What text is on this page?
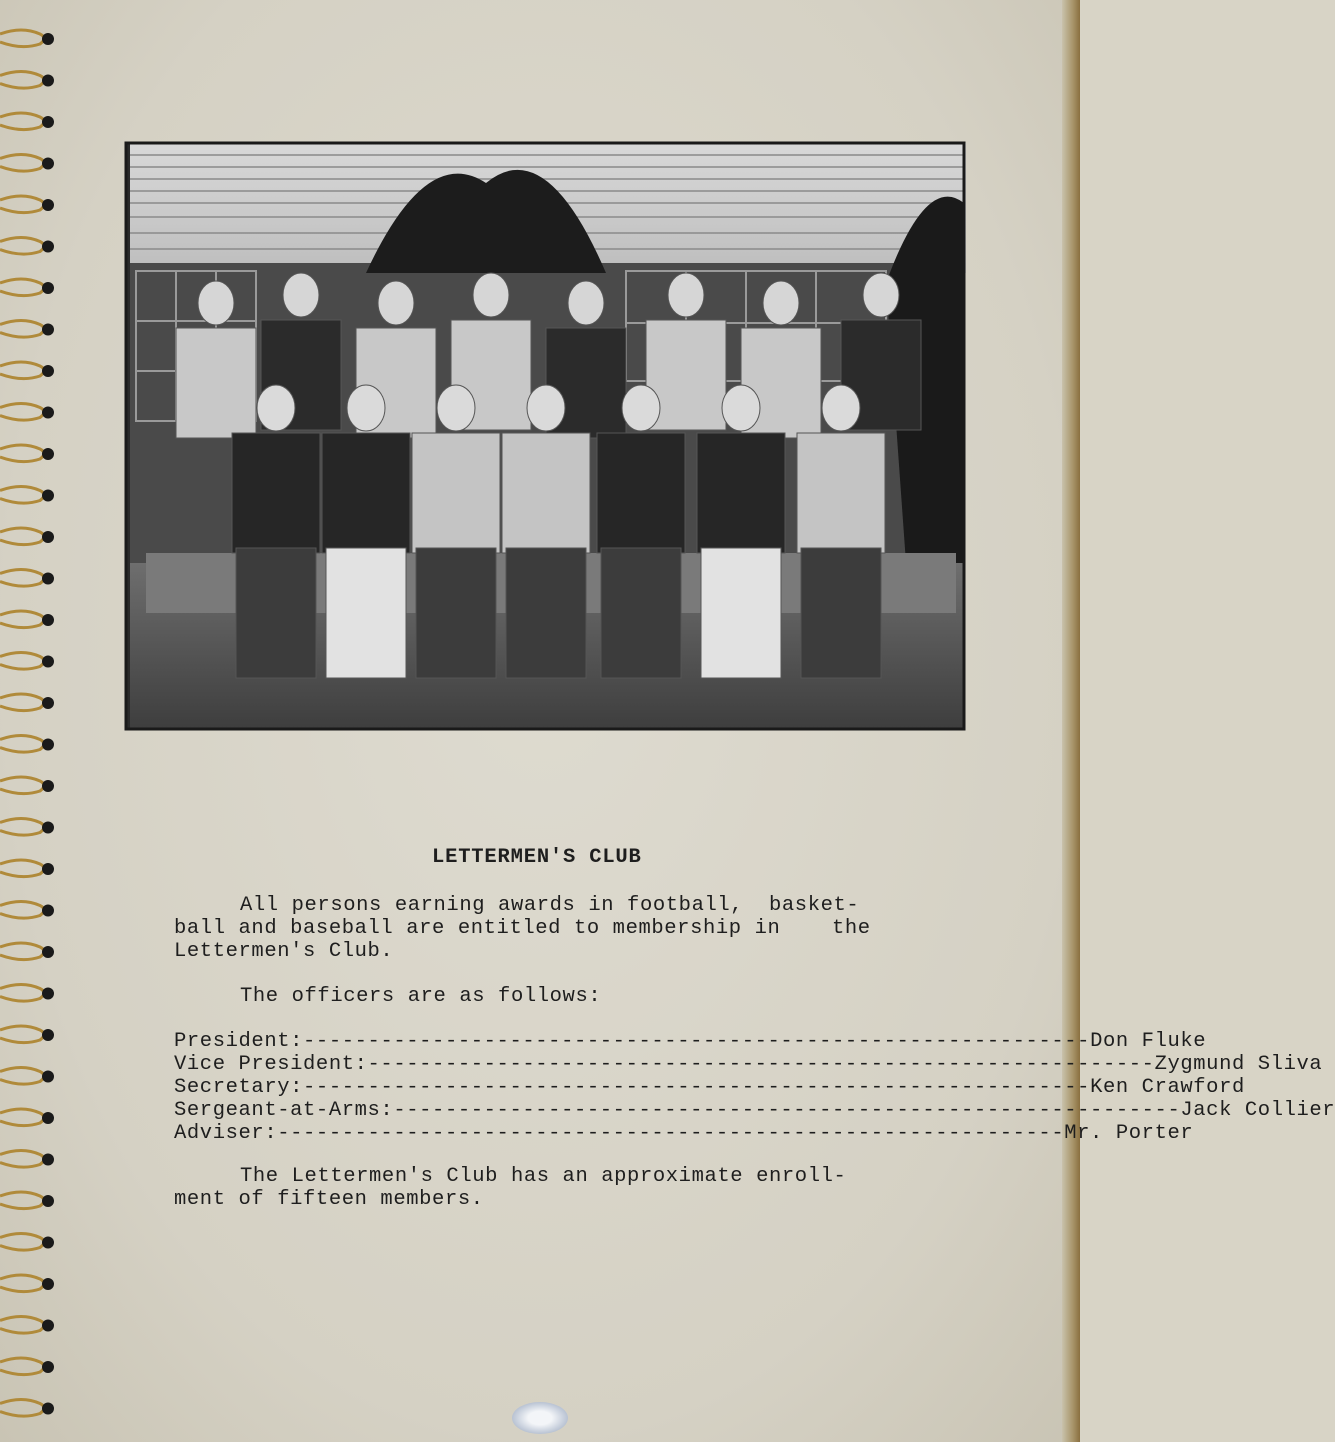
LETTERMEN'S CLUB
All persons earning awards in football,  basket-
ball and baseball are entitled to membership in    the
Lettermen's Club.
The officers are as follows:
President: ------------------------------------------------------------- Don Fluke
Vice President: ------------------------------------------------------------- Zygmund Sliva
Secretary: ------------------------------------------------------------- Ken Crawford
Sergeant-at-Arms: ------------------------------------------------------------- Jack Collier
Adviser: ------------------------------------------------------------- Mr. Porter
The Lettermen's Club has an approximate enroll-
ment of fifteen members.
